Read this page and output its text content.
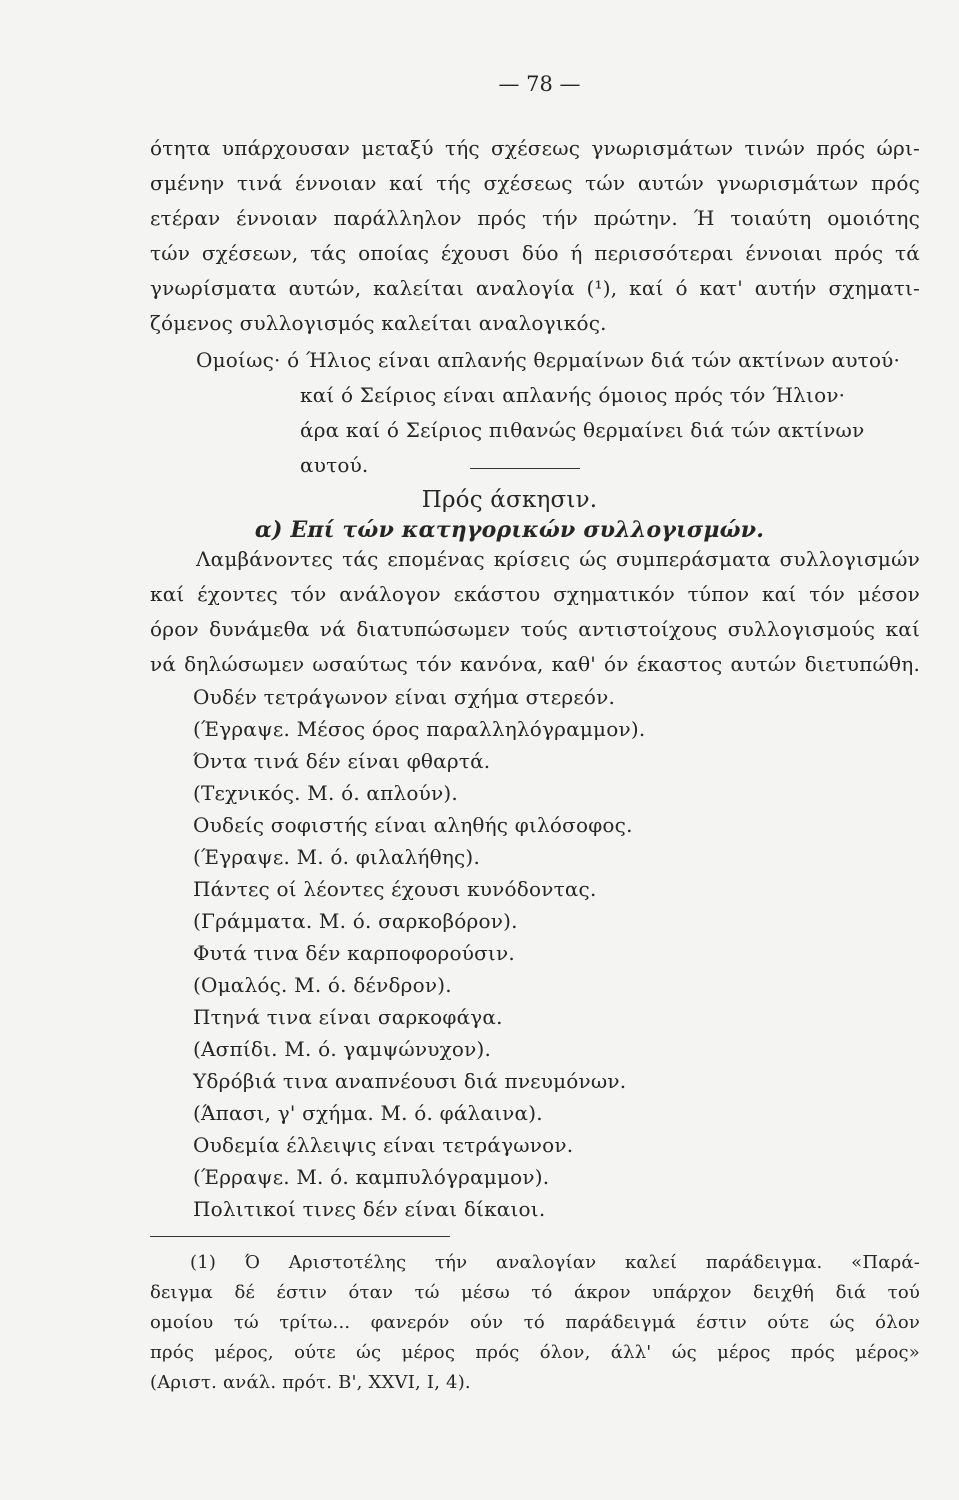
— 78 —
ότητα υπάρχουσαν μεταξύ τής σχέσεως γνωρισμάτων τινών πρός ώρι-
σμένην τινά έννοιαν καί τής σχέσεως τών αυτών γνωρισμάτων πρός
ετέραν έννοιαν παράλληλον πρός τήν πρώτην. Ή τοιαύτη ομοιότης
τών σχέσεων, τάς οποίας έχουσι δύο ή περισσότεραι έννοιαι πρός τά
γνωρίσματα αυτών, καλείται αναλογία (¹), καί ό κατ' αυτήν σχηματι-
ζόμενος συλλογισμός καλείται αναλογικός.
Ομοίως· ό Ήλιος είναι απλανής θερμαίνων διά τών ακτίνων αυτού·
καί ό Σείριος είναι απλανής όμοιος πρός τόν Ήλιον·
άρα καί ό Σείριος πιθανώς θερμαίνει διά τών ακτίνων
αυτού.
Πρός άσκησιν.
α) Επί τών κατηγορικών συλλογισμών.
Λαμβάνοντες τάς επομένας κρίσεις ώς συμπεράσματα συλλογισμών
καί έχοντες τόν ανάλογον εκάστου σχηματικόν τύπον καί τόν μέσον
όρον δυνάμεθα νά διατυπώσωμεν τούς αντιστοίχους συλλογισμούς καί
νά δηλώσωμεν ωσαύτως τόν κανόνα, καθ' όν έκαστος αυτών διετυπώθη.
Ουδέν τετράγωνον είναι σχήμα στερεόν.
(Έγραψε. Μέσος όρος παραλληλόγραμμον).
Όντα τινά δέν είναι φθαρτά.
(Τεχνικός. Μ. ό. απλούν).
Ουδείς σοφιστής είναι αληθής φιλόσοφος.
(Έγραψε. Μ. ό. φιλαλήθης).
Πάντες οί λέοντες έχουσι κυνόδοντας.
(Γράμματα. Μ. ό. σαρκοβόρον).
Φυτά τινα δέν καρποφορούσιν.
(Ομαλός. Μ. ό. δένδρον).
Πτηνά τινα είναι σαρκοφάγα.
(Ασπίδι. Μ. ό. γαμψώνυχον).
Υδρόβιά τινα αναπνέουσι διά πνευμόνων.
(Άπασι, γ' σχήμα. Μ. ό. φάλαινα).
Ουδεμία έλλειψις είναι τετράγωνον.
(Έρραψε. Μ. ό. καμπυλόγραμμον).
Πολιτικοί τινες δέν είναι δίκαιοι.
(1) Ό Αριστοτέλης τήν αναλογίαν καλεί παράδειγμα. «Παρά-
δειγμα δέ έστιν όταν τώ μέσω τό άκρον υπάρχον δειχθή διά τού
ομοίου τώ τρίτω... φανερόν ούν τό παράδειγμά έστιν ούτε ώς όλον
πρός μέρος, ούτε ώς μέρος πρός όλον, άλλ' ώς μέρος πρός μέρος»
(Αριστ. ανάλ. πρότ. Β', XXVI, I, 4).
